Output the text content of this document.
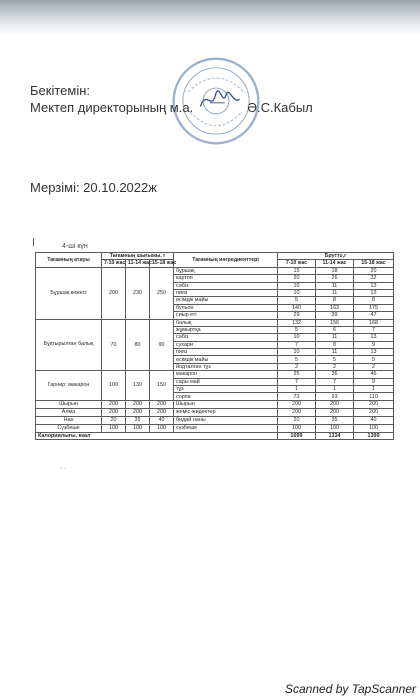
Бекітемін:
Мектеп директорының м.а.	Ә.С.Кабыл
Мерзімі: 20.10.2022ж
4-ші күн
Тағамның атауы	Тағамның шығымы, г			Тағамның ингредиенттері	Брутто,г		
	7-10 жас	11-14 жас	15-18 жас		7-10 жас	11-14 жас	15-18 жас
Бұршақ көжесі	200	230	250	бұршақ	15	18	20
				картоп	20	26	32
				сәбіз	10	11	13
				пияз	10	11	13
				өсімдік майы	5	8	8
				бульон	140	163	175
				сиыр еті	29	39	47
Бұқтырылған балық	70	80	90	балық	132	156	168
				жұмыртқа	5	6	7
				сәбіз	10	11	13
				сухари	7	8	9
				пияз	10	11	13
				өсімдік майы	5	5	5
				йодталған тұз	2	2	2
Гарнир: макарон	100	130	150	макарон	25	36	46
				сары май	7	7	9
				тұз	1	1	1
				сорпа	73	93	110
Шырын	200	200	200	Шырын	200	200	200
Алма	200	200	200	жеміс-жидектер	200	200	200
Нан	20	35	40	бидай наны	20	35	40
Сүзбеше	100	100	100	сүзбеше	100	100	100
Калориялығы, ккал					1099	1334	1399
· ·
Scanned by TapScanner
